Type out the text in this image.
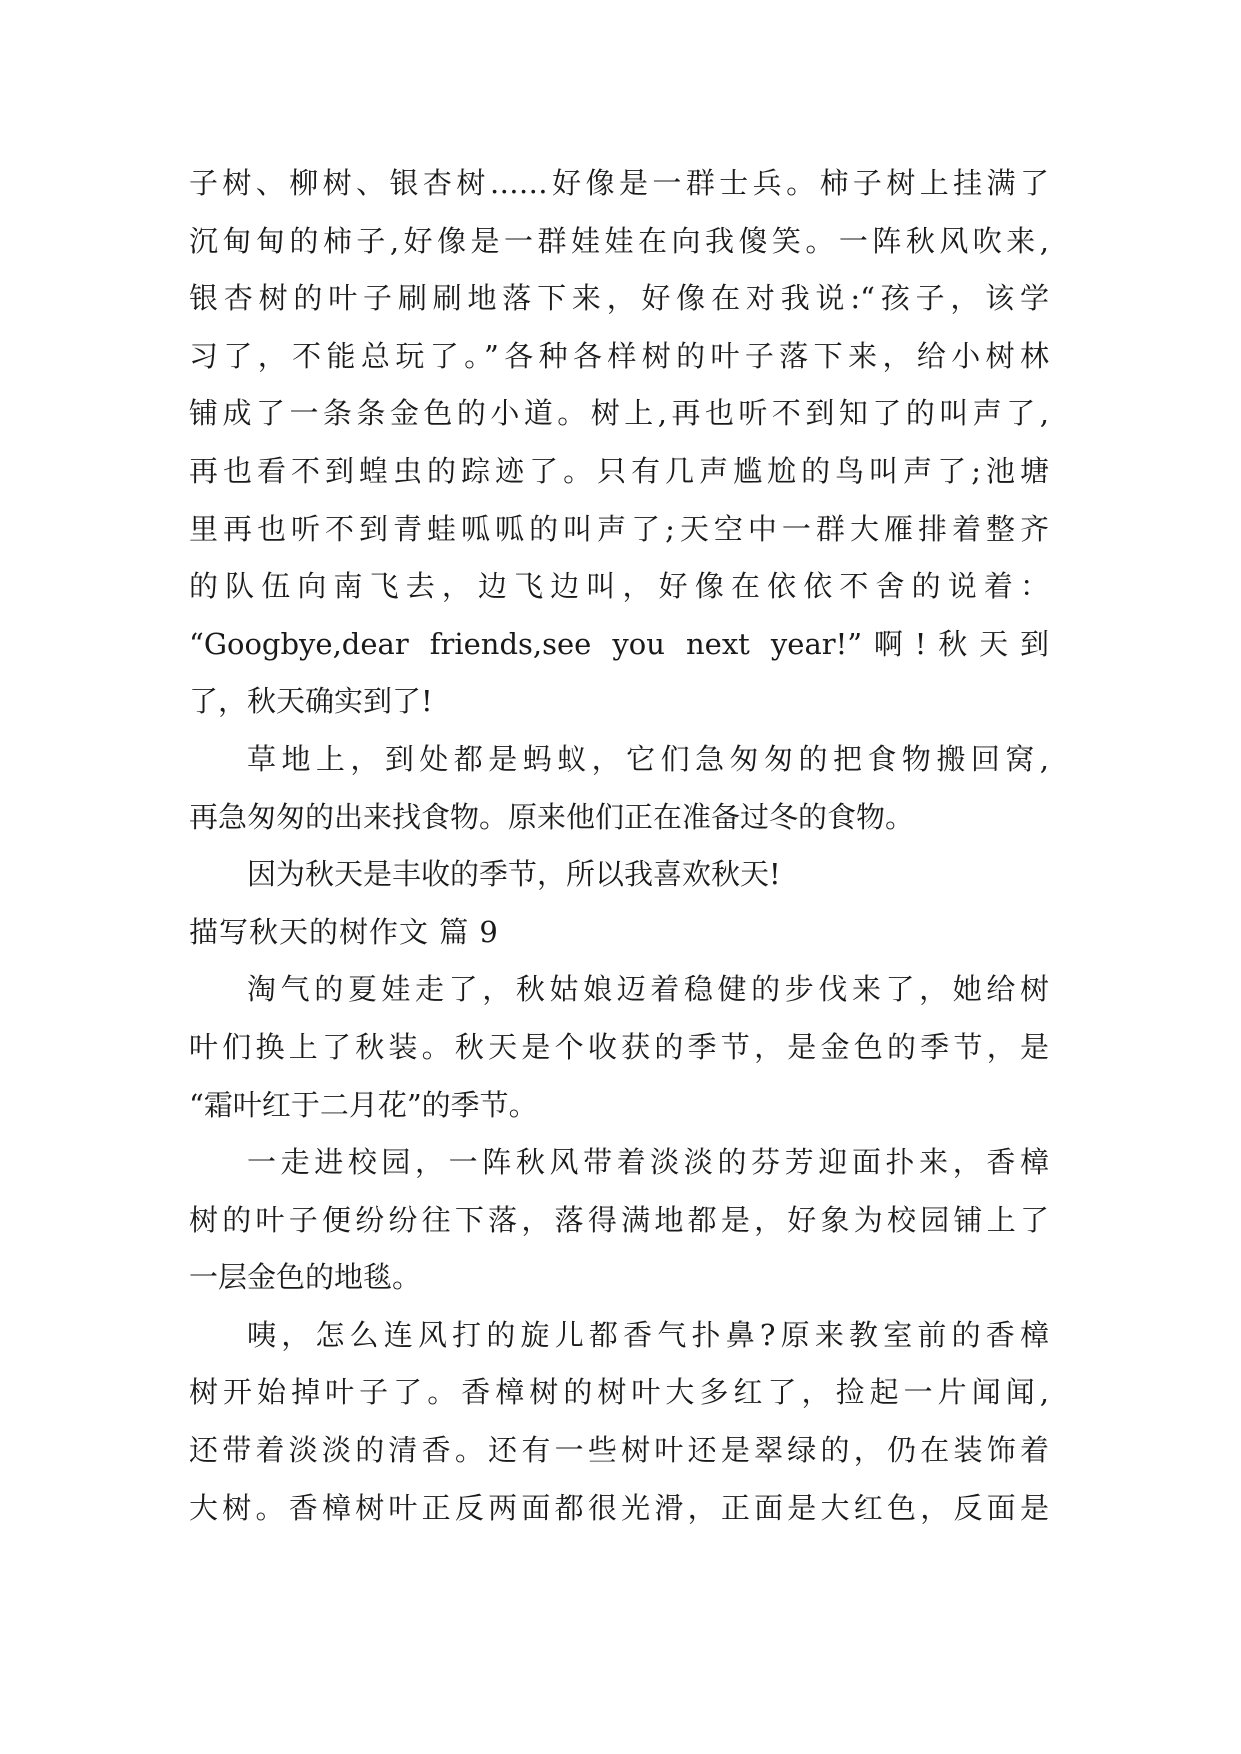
子树、柳树、银杏树……好像是一群士兵。柿子树上挂满了
沉甸甸的柿子,好像是一群娃娃在向我傻笑。一阵秋风吹来,
银杏树的叶子刷刷地落下来，好像在对我说:“孩子，该学
习了，不能总玩了。”各种各样树的叶子落下来，给小树林
铺成了一条条金色的小道。树上,再也听不到知了的叫声了,
再也看不到蝗虫的踪迹了。只有几声尴尬的鸟叫声了;池塘
里再也听不到青蛙呱呱的叫声了;天空中一群大雁排着整齐
的队伍向南飞去，边飞边叫，好像在依依不舍的说着：
“Googbye,dear friends,see you next year!”啊!秋天到
了，秋天确实到了!
草地上，到处都是蚂蚁，它们急匆匆的把食物搬回窝,
再急匆匆的出来找食物。原来他们正在准备过冬的食物。
因为秋天是丰收的季节，所以我喜欢秋天!
描写秋天的树作文 篇 9
淘气的夏娃走了，秋姑娘迈着稳健的步伐来了，她给树
叶们换上了秋装。秋天是个收获的季节，是金色的季节，是
“霜叶红于二月花”的季节。
一走进校园，一阵秋风带着淡淡的芬芳迎面扑来，香樟
树的叶子便纷纷往下落，落得满地都是，好象为校园铺上了
一层金色的地毯。
咦，怎么连风打的旋儿都香气扑鼻?原来教室前的香樟
树开始掉叶子了。香樟树的树叶大多红了，捡起一片闻闻,
还带着淡淡的清香。还有一些树叶还是翠绿的，仍在装饰着
大树。香樟树叶正反两面都很光滑，正面是大红色，反面是
